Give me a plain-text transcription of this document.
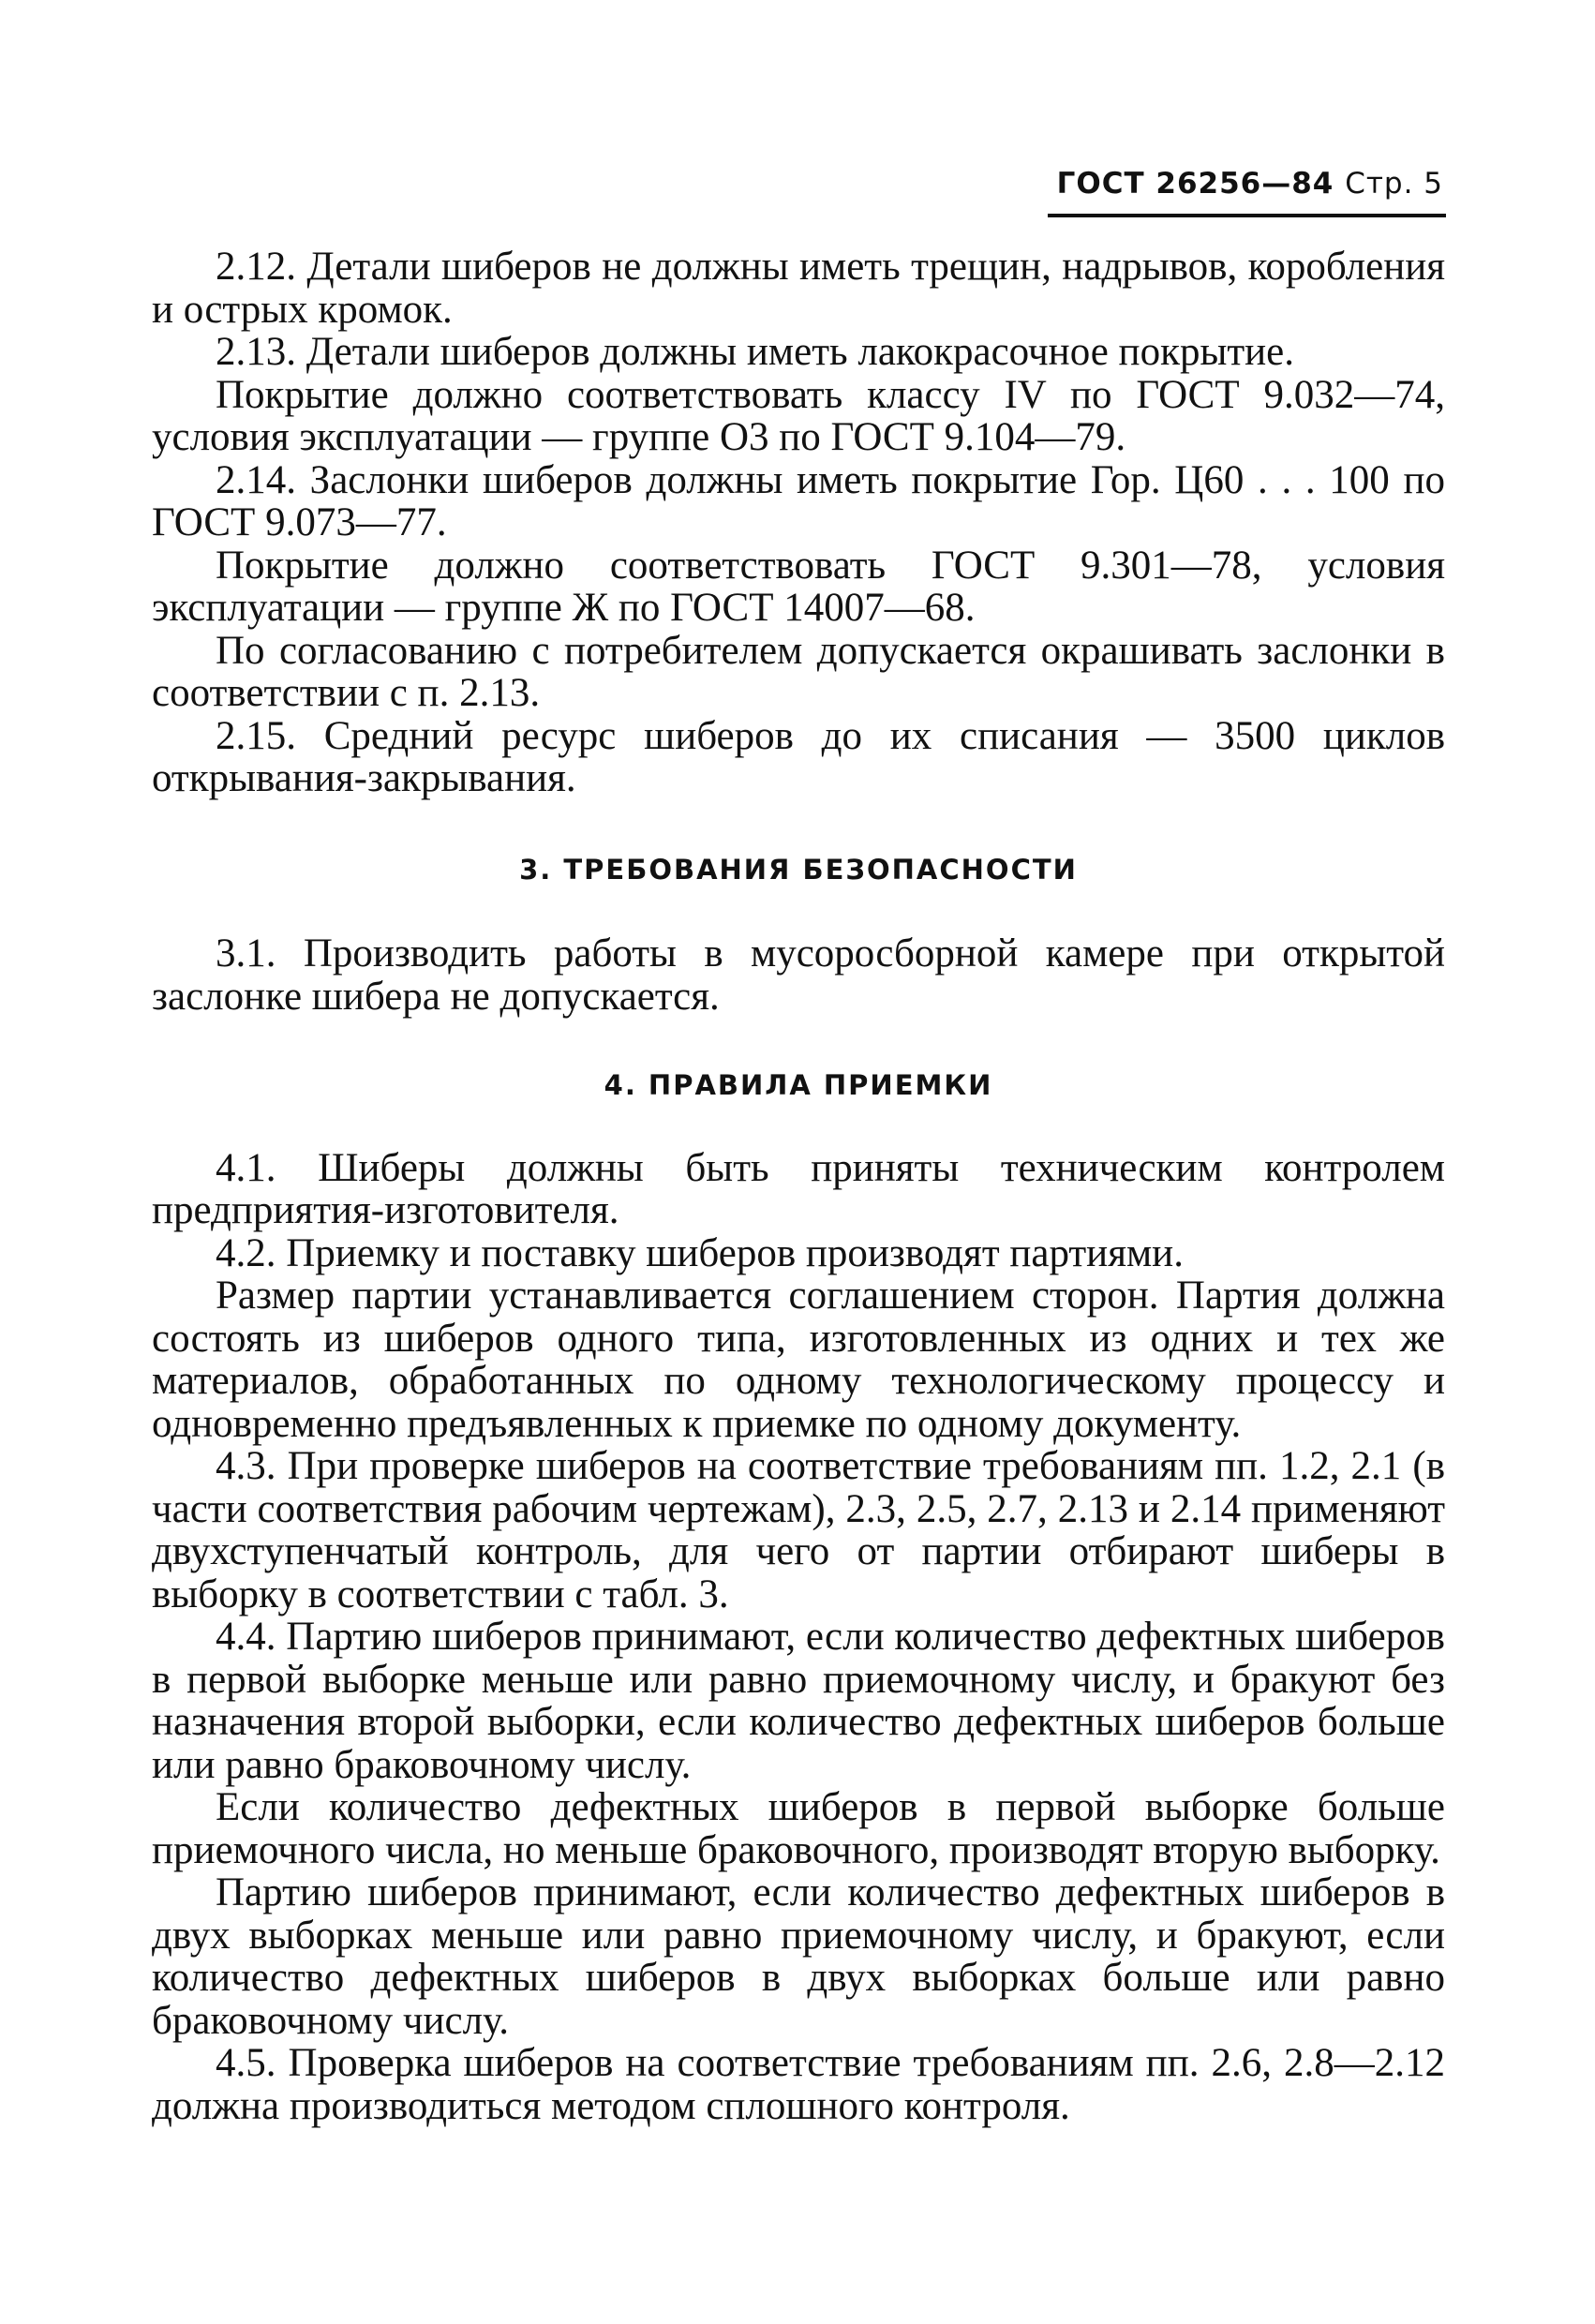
ГОСТ 26256—84 Стр. 5

2.12. Детали шиберов не должны иметь трещин, надрывов, коробления и острых кромок.

2.13. Детали шиберов должны иметь лакокрасочное покрытие.

Покрытие должно соответствовать классу IV по ГОСТ 9.032—74, условия эксплуатации — группе О3 по ГОСТ 9.104—79.

2.14. Заслонки шиберов должны иметь покрытие Гор. Ц60 . . . 100 по ГОСТ 9.073—77.

Покрытие должно соответствовать ГОСТ 9.301—78, условия эксплуатации — группе Ж по ГОСТ 14007—68.

По согласованию с потребителем допускается окрашивать заслонки в соответствии с п. 2.13.

2.15. Средний ресурс шиберов до их списания — 3500 циклов открывания-закрывания.

3. ТРЕБОВАНИЯ БЕЗОПАСНОСТИ

3.1. Производить работы в мусоросборной камере при открытой заслонке шибера не допускается.

4. ПРАВИЛА ПРИЕМКИ

4.1. Шиберы должны быть приняты техническим контролем предприятия-изготовителя.

4.2. Приемку и поставку шиберов производят партиями.

Размер партии устанавливается соглашением сторон. Партия должна состоять из шиберов одного типа, изготовленных из одних и тех же материалов, обработанных по одному технологическому процессу и одновременно предъявленных к приемке по одному документу.

4.3. При проверке шиберов на соответствие требованиям пп. 1.2, 2.1 (в части соответствия рабочим чертежам), 2.3, 2.5, 2.7, 2.13 и 2.14 применяют двухступенчатый контроль, для чего от партии отбирают шиберы в выборку в соответствии с табл. 3.

4.4. Партию шиберов принимают, если количество дефектных шиберов в первой выборке меньше или равно приемочному числу, и бракуют без назначения второй выборки, если количество дефектных шиберов больше или равно браковочному числу.

Если количество дефектных шиберов в первой выборке больше приемочного числа, но меньше браковочного, производят вторую выборку.

Партию шиберов принимают, если количество дефектных шиберов в двух выборках меньше или равно приемочному числу, и бракуют, если количество дефектных шиберов в двух выборках больше или равно браковочному числу.

4.5. Проверка шиберов на соответствие требованиям пп. 2.6, 2.8—2.12 должна производиться методом сплошного контроля.
